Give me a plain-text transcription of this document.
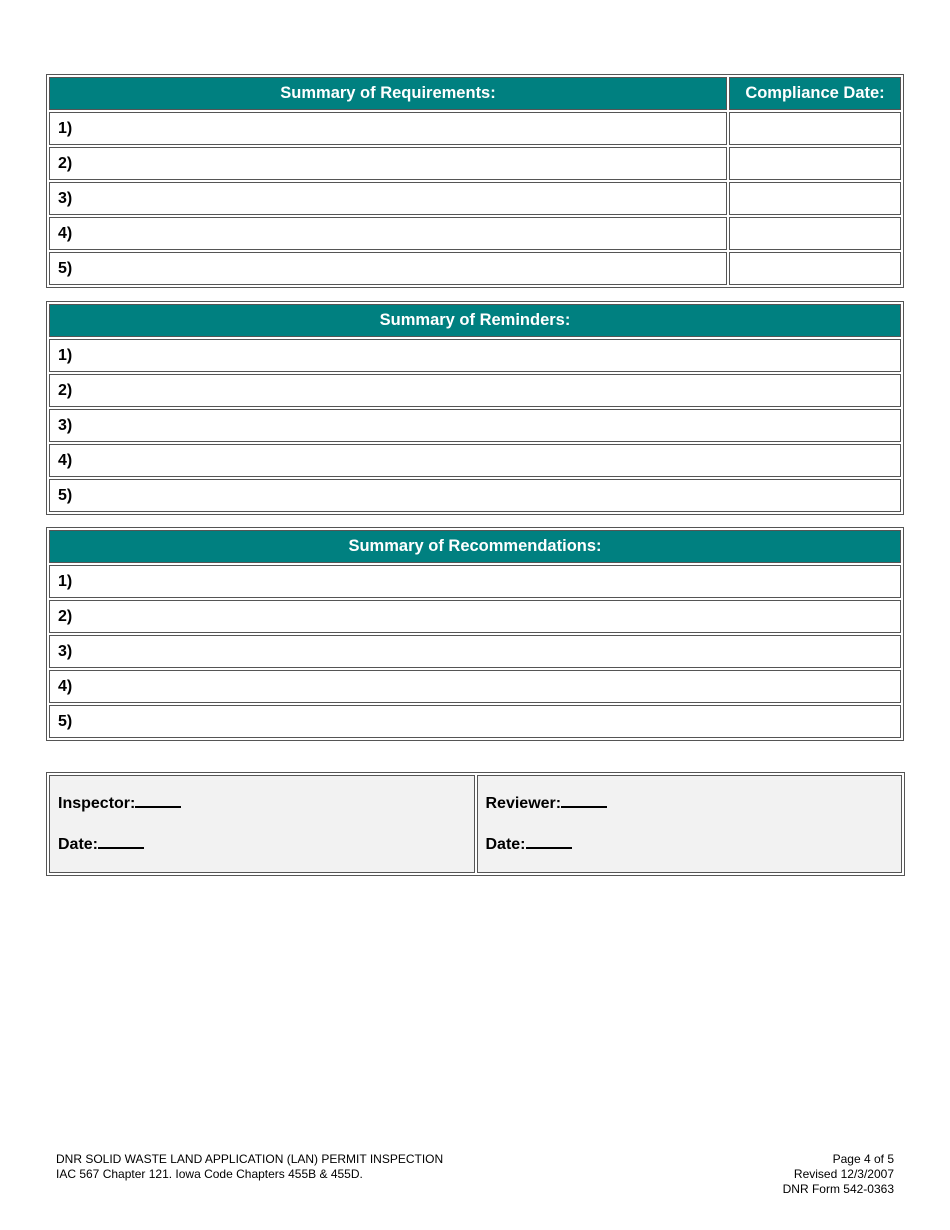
Summary of Requirements:	Compliance Date:
1)	
2)	
3)	
4)	
5)	
Summary of Reminders:
1)
2)
3)
4)
5)
Summary of Recommendations:
1)
2)
3)
4)
5)
Inspector:
Date:

Reviewer:
Date:
DNR SOLID WASTE LAND APPLICATION (LAN) PERMIT INSPECTION
IAC 567 Chapter 121. Iowa Code Chapters 455B & 455D.
Page 4 of 5
Revised 12/3/2007
DNR Form 542-0363
